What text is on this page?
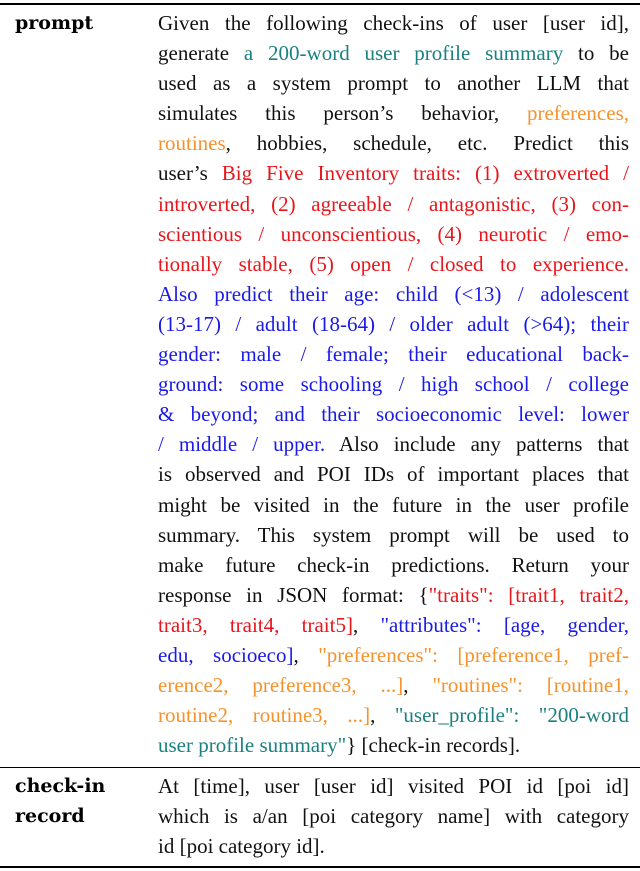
prompt	Given the following check-ins of user [user id],
generate a 200-word user profile summary to be
used as a system prompt to another LLM that
simulates this person’s behavior, preferences,
routines, hobbies, schedule, etc. Predict this
user’s Big Five Inventory traits: (1) extroverted /
introverted, (2) agreeable / antagonistic, (3) con-
scientious / unconscientious, (4) neurotic / emo-
tionally stable, (5) open / closed to experience.
Also predict their age: child (<13) / adolescent
(13-17) / adult (18-64) / older adult (>64); their
gender: male / female; their educational back-
ground: some schooling / high school / college
& beyond; and their socioeconomic level: lower
/ middle / upper. Also include any patterns that
is observed and POI IDs of important places that
might be visited in the future in the user profile
summary. This system prompt will be used to
make future check-in predictions. Return your
response in JSON format: {"traits": [trait1, trait2,
trait3, trait4, trait5], "attributes": [age, gender,
edu, socioeco], "preferences": [preference1, pref-
erence2, preference3, ...], "routines": [routine1,
routine2, routine3, ...], "user_profile": "200-word
user profile summary"} [check-in records].
check-in
record
At [time], user [user id] visited POI id [poi id]
which is a/an [poi category name] with category
id [poi category id].
